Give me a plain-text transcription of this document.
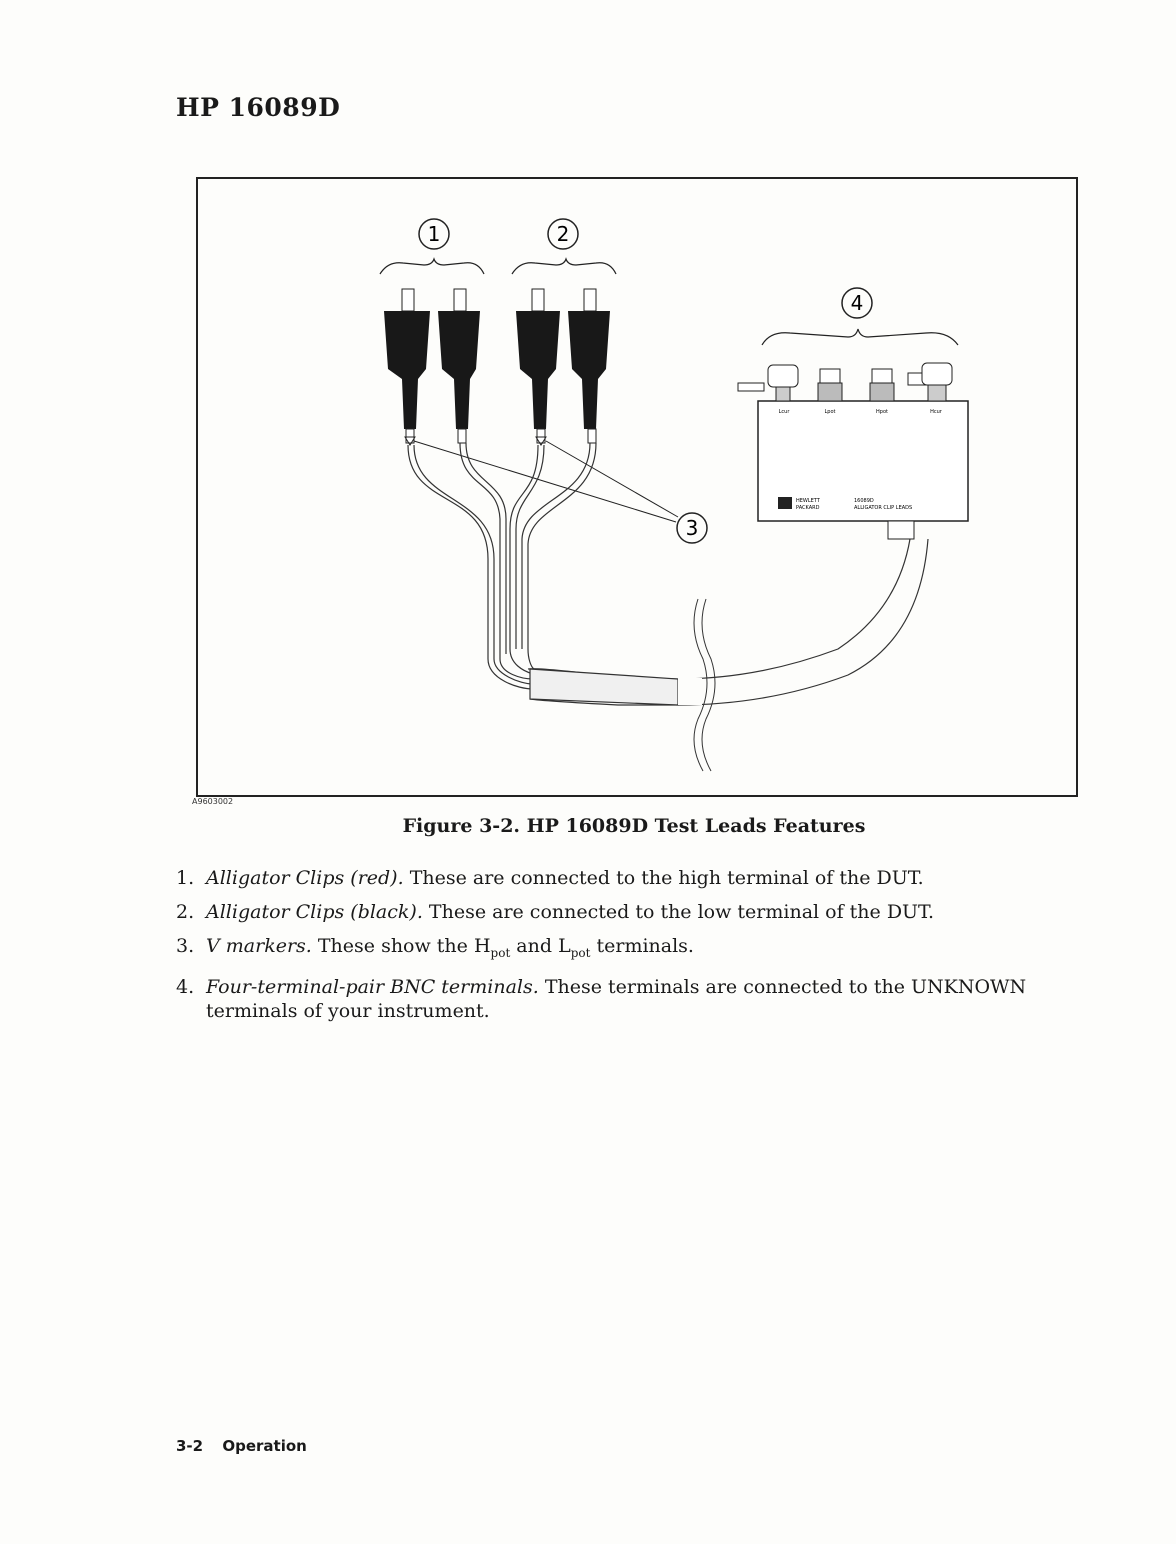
HP 16089D
1	2
4
3
Lcur	Lpot	Hpot	Hcur
HEWLETT
PACKARD
16089D
ALLIGATOR CLIP LEADS
A9603002
Figure 3-2. HP 16089D Test Leads Features
1. Alligator Clips (red). These are connected to the high terminal of the DUT.
2. Alligator Clips (black). These are connected to the low terminal of the DUT.
3. V markers. These show the $H_{pot}$ and $L_{pot}$ terminals.
4. Four-terminal-pair BNC terminals. These terminals are connected to the UNKNOWN terminals of your instrument.
3-2 Operation
